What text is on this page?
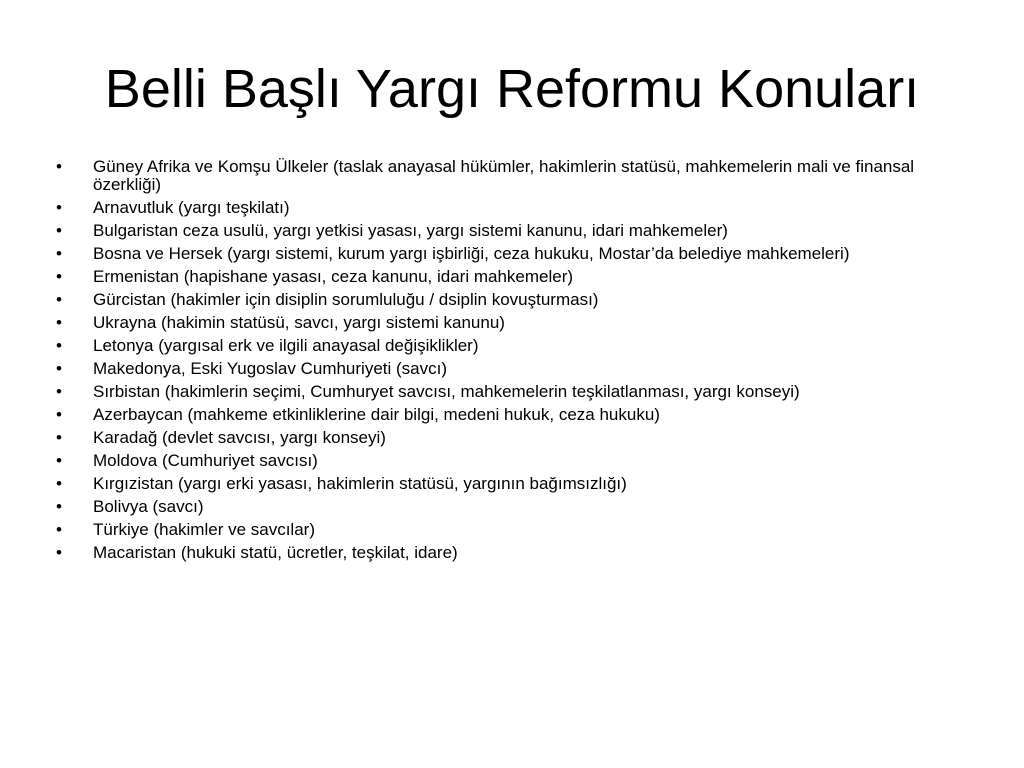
Belli Başlı Yargı Reformu Konuları
•	Güney Afrika ve Komşu Ülkeler (taslak anayasal hükümler, hakimlerin statüsü, mahkemelerin mali ve finansal özerkliği)
•	Arnavutluk (yargı teşkilatı)
•	Bulgaristan ceza usulü, yargı yetkisi yasası, yargı sistemi kanunu, idari mahkemeler)
•	Bosna ve Hersek (yargı sistemi, kurum yargı işbirliği, ceza hukuku, Mostar’da belediye mahkemeleri)
•	Ermenistan (hapishane yasası, ceza kanunu, idari mahkemeler)
•	Gürcistan (hakimler için disiplin sorumluluğu / dsiplin kovuşturması)
•	Ukrayna (hakimin statüsü, savcı, yargı sistemi kanunu)
•	Letonya (yargısal erk ve ilgili anayasal değişiklikler)
•	Makedonya, Eski Yugoslav Cumhuriyeti (savcı)
•	Sırbistan (hakimlerin seçimi, Cumhuryet savcısı, mahkemelerin teşkilatlanması, yargı konseyi)
•	Azerbaycan (mahkeme etkinliklerine dair bilgi, medeni hukuk, ceza hukuku)
•	Karadağ (devlet savcısı, yargı konseyi)
•	Moldova (Cumhuriyet savcısı)
•	Kırgızistan (yargı erki yasası, hakimlerin statüsü, yargının bağımsızlığı)
•	Bolivya (savcı)
•	Türkiye (hakimler ve savcılar)
•	Macaristan (hukuki statü, ücretler, teşkilat, idare)
